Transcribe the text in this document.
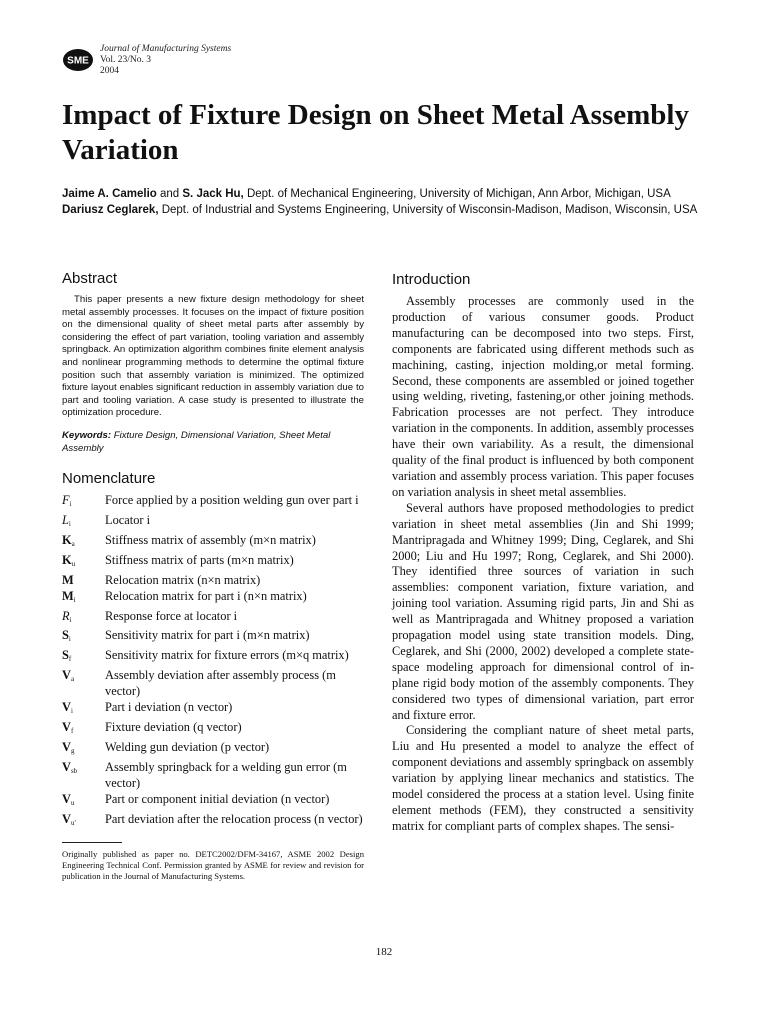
SME
Journal of Manufacturing Systems
Vol. 23/No. 3
2004
Impact of Fixture Design on Sheet Metal Assembly Variation

Jaime A. Camelio and S. Jack Hu, Dept. of Mechanical Engineering, University of Michigan, Ann Arbor, Michigan, USA

Dariusz Ceglarek, Dept. of Industrial and Systems Engineering, University of Wisconsin-Madison, Madison, Wisconsin, USA

Abstract

This paper presents a new fixture design methodology for sheet metal assembly processes. It focuses on the impact of fixture position on the dimensional quality of sheet metal parts after assembly by considering the effect of part variation, tooling variation and assembly springback. An optimization algorithm combines finite element analysis and nonlinear programming methods to determine the optimal fixture position such that assembly variation is minimized. The optimized fixture layout enables significant reduction in assembly variation due to part and tooling variation. A case study is presented to illustrate the optimization procedure.

Keywords: Fixture Design, Dimensional Variation, Sheet Metal Assembly

Nomenclature
$F_i$	Force applied by a position welding gun over part i
$L_i$	Locator i
$K_a$	Stiffness matrix of assembly (m×n matrix)
$K_u$	Stiffness matrix of parts (m×n matrix)
M	Relocation matrix (n×n matrix)
$M_i$	Relocation matrix for part i (n×n matrix)
$R_i$	Response force at locator i
$S_i$	Sensitivity matrix for part i (m×n matrix)
$S_f$	Sensitivity matrix for fixture errors (m×q matrix)
$V_a$	Assembly deviation after assembly process (m vector)
$V_i$	Part i deviation (n vector)
$V_f$	Fixture deviation (q vector)
$V_g$	Welding gun deviation (p vector)
$V_{sb}$	Assembly springback for a welding gun error (m vector)
$V_u$	Part or component initial deviation (n vector)
$V_{u'}$	Part deviation after the relocation process (n vector)

Originally published as paper no. DETC2002/DFM-34167, ASME 2002 Design Engineering Technical Conf. Permission granted by ASME for review and revision for publication in the Journal of Manufacturing Systems.

Introduction

Assembly processes are commonly used in the production of various consumer goods. Product manufacturing can be decomposed into two steps. First, components are fabricated using different methods such as machining, casting, injection molding,or metal forming. Second, these components are assembled or joined together using welding, riveting, fastening,or other joining methods. Fabrication processes are not perfect. They introduce variation in the components. In addition, assembly processes have their own variability. As a result, the dimensional quality of the final product is influenced by both component variation and assembly process variation. This paper focuses on variation analysis in sheet metal assemblies.

Several authors have proposed methodologies to predict variation in sheet metal assemblies (Jin and Shi 1999; Mantripragada and Whitney 1999; Ding, Ceglarek, and Shi 2000; Liu and Hu 1997; Rong, Ceglarek, and Shi 2000). They identified three sources of variation in such assemblies: component variation, fixture variation, and joining tool variation. Assuming rigid parts, Jin and Shi as well as Mantripragada and Whitney proposed a variation propagation model using state transition models. Ding, Ceglarek, and Shi (2000, 2002) developed a complete state-space modeling approach for dimensional control of in-plane rigid body motion of the assembly components. They considered two types of dimensional variation, part error and fixture error.

Considering the compliant nature of sheet metal parts, Liu and Hu presented a model to analyze the effect of component deviations and assembly springback on assembly variation by applying linear mechanics and statistics. The model considered the process at a station level. Using finite element methods (FEM), they constructed a sensitivity matrix for compliant parts of complex shapes. The sensi-

182
